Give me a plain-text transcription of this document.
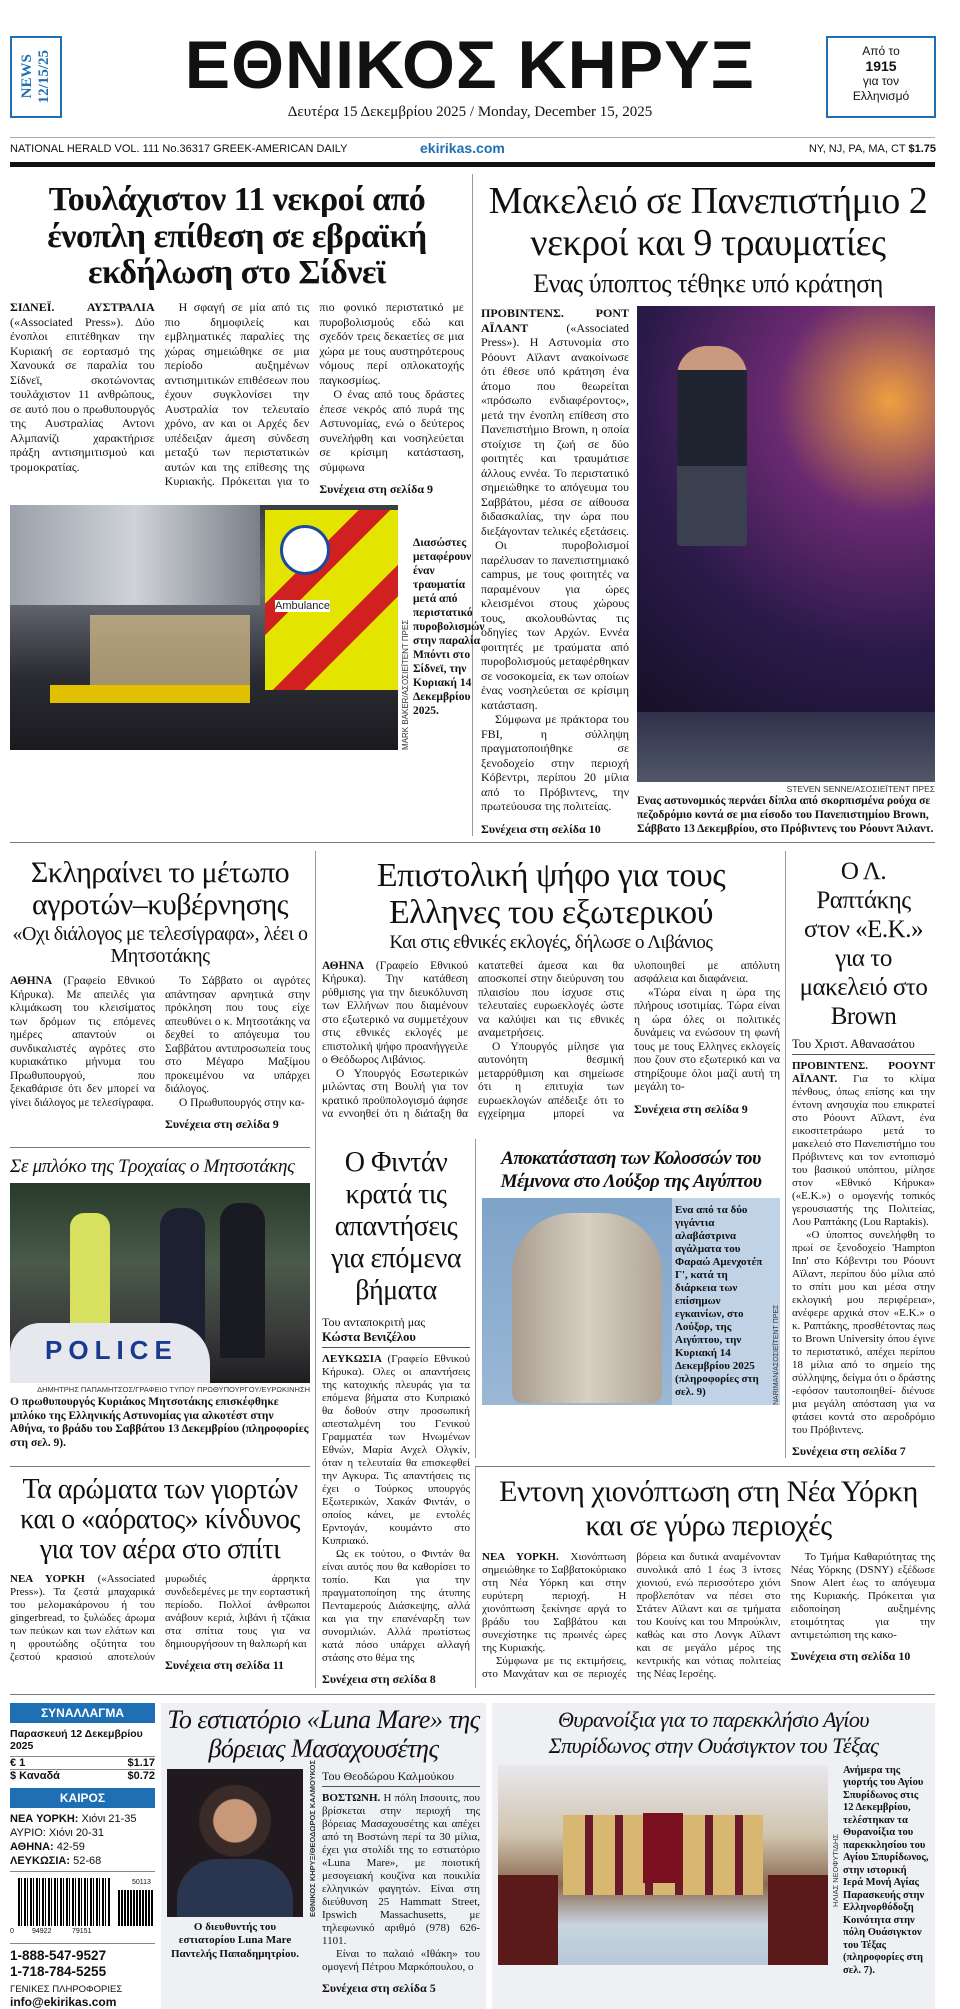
NEWS 12/15/25	ΕΘΝΙΚΟΣ ΚΗΡΥΞ
Δευτέρα 15 Δεκεμβρίου 2025 / Monday, December 15, 2025
Από το
1915
για τον
Ελληνισμό
NATIONAL HERALD VOL. 111 No.36317 GREEK-AMERICAN DAILY	ekirikas.com	NY, NJ, PA, MA, CT $1.75
Τουλάχιστον 11 νεκροί από ένοπλη επίθεση σε εβραϊκή εκδήλωση στο Σίδνεϊ

ΣΙΔΝΕΪ. ΑΥΣΤΡΑΛΙΑ («Associated Press»). Δύο ένοπλοι επιτέθηκαν την Κυριακή σε εορτασμό της Χανουκά σε παραλία του Σίδνεϊ, σκοτώνοντας τουλάχιστον 11 ανθρώπους, σε αυτό που ο πρωθυπουργός της Αυστραλίας Αντονι Αλμπανίζι χαρακτήρισε πράξη αντισημιτισμού και τρομοκρατίας.

Η σφαγή σε μία από τις πιο δημοφιλείς και εμβληματικές παραλίες της χώρας σημειώθηκε σε μια περίοδο αυξημένων αντισημιτικών επιθέσεων που έχουν συγκλονίσει την Αυστραλία τον τελευταίο χρόνο, αν και οι Αρχές δεν υπέδειξαν άμεση σύνδεση μεταξύ των περιστατικών αυτών και της επίθεσης της Κυριακής. Πρόκειται για το πιο φονικό περιστατικό με πυροβολισμούς εδώ και σχεδόν τρεις δεκαετίες σε μια χώρα με τους αυστηρότερους νόμους περί οπλοκατοχής παγκοσμίως.

Ο ένας από τους δράστες έπεσε νεκρός από πυρά της Αστυνομίας, ενώ ο δεύτερος συνελήφθη και νοσηλεύεται σε κρίσιμη κατάσταση, σύμφωνα

Συνέχεια στη σελίδα 9

Ambulance
MARK BAKER/ΑΣΟΣΙΕΪΤΕΝΤ ΠΡΕΣ
Διασώστες μεταφέρουν έναν τραυματία μετά από περιστατικό πυροβολισμών στην παραλία Μπόντι στο Σίδνεϊ, την Κυριακή 14 Δεκεμβρίου 2025.
Μακελειό σε Πανεπιστήμιο 2 νεκροί και 9 τραυματίες
Ενας ύποπτος τέθηκε υπό κράτηση

ΠΡΟΒΙΝΤΕΝΣ. ΡΟΝΤ ΑΪΛΑΝΤ («Associated Press»). Η Αστυνομία στο Ρόουντ Αϊλαντ ανακοίνωσε ότι έθεσε υπό κράτηση ένα άτομο που θεωρείται «πρόσωπο ενδιαφέροντος», μετά την ένοπλη επίθεση στο Πανεπιστήμιο Brown, η οποία στοίχισε τη ζωή σε δύο φοιτητές και τραυμάτισε άλλους εννέα. Το περιστατικό σημειώθηκε το απόγευμα του Σαββάτου, μέσα σε αίθουσα διδασκαλίας, την ώρα που διεξάγονταν τελικές εξετάσεις.

Οι πυροβολισμοί παρέλυσαν το πανεπιστημιακό campus, με τους φοιτητές να παραμένουν για ώρες κλεισμένοι στους χώρους τους, ακολουθώντας τις οδηγίες των Αρχών. Εννέα φοιτητές με τραύματα από πυροβολισμούς μεταφέρθηκαν σε νοσοκομεία, εκ των οποίων ένας νοσηλεύεται σε κρίσιμη κατάσταση.

Σύμφωνα με πράκτορα του FBI, η σύλληψη πραγματοποιήθηκε σε ξενοδοχείο στην περιοχή Κόβεντρι, περίπου 20 μίλια από το Πρόβιντενς, την πρωτεύουσα της πολιτείας.

Συνέχεια στη σελίδα 10

STEVEN SENNE/ΑΣΟΣΙΕΪΤΕΝΤ ΠΡΕΣ
Ενας αστυνομικός περνάει δίπλα από σκορπισμένα ρούχα σε πεζοδρόμιο κοντά σε μια είσοδο του Πανεπιστημίου Brown, Σάββατο 13 Δεκεμβρίου, στο Πρόβιντενς του Ρόουντ Άιλαντ.
Σκληραίνει το μέτωπο αγροτών–κυβέρνησης
«Οχι διάλογος με τελεσίγραφα», λέει ο Μητσοτάκης

ΑΘΗΝΑ (Γραφείο Εθνικού Κήρυκα). Με απειλές για κλιμάκωση του κλεισίματος των δρόμων τις επόμενες ημέρες απαντούν οι συνδικαλιστές αγρότες στο κυριακάτικο μήνυμα του Πρωθυπουργού, που ξεκαθάρισε ότι δεν μπορεί να γίνει διάλογος με τελεσίγραφα.

Το Σάββατο οι αγρότες απάντησαν αρνητικά στην πρόκληση που τους είχε απευθύνει ο κ. Μητσοτάκης να δεχθεί το απόγευμα του Σαββάτου αντιπροσωπεία τους στο Μέγαρο Μαξίμου προκειμένου να υπάρχει διάλογος.

Ο Πρωθυπουργός στην κα-

Συνέχεια στη σελίδα 9

Επιστολική ψήφο για τους Ελληνες του εξωτερικού
Και στις εθνικές εκλογές, δήλωσε ο Λιβάνιος

ΑΘΗΝΑ (Γραφείο Εθνικού Κήρυκα). Την κατάθεση ρύθμισης για την διευκόλυνση των Ελλήνων που διαμένουν στο εξωτερικό να συμμετέχουν στις εθνικές εκλογές με επιστολική ψήφο προανήγγειλε ο Θεόδωρος Λιβάνιος.

Ο Υπουργός Εσωτερικών μιλώντας στη Βουλή για τον κρατικό προϋπολογισμό άφησε να εννοηθεί ότι η διάταξη θα κατατεθεί άμεσα και θα αποσκοπεί στην διεύρυνση του πλαισίου που ίσχυσε στις τελευταίες ευρωεκλογές ώστε να καλύψει και τις εθνικές αναμετρήσεις.

Ο Υπουργός μίλησε για αυτονόητη θεσμική μεταρρύθμιση και σημείωσε ότι η επιτυχία των ευρωεκλογών απέδειξε ότι το εγχείρημα μπορεί να υλοποιηθεί με απόλυτη ασφάλεια και διαφάνεια.

«Τώρα είναι η ώρα της πλήρους ισοτιμίας. Τώρα είναι η ώρα όλες οι πολιτικές δυνάμεις να ενώσουν τη φωνή τους με τους Ελληνες εκλογείς που ζουν στο εξωτερικό και να στηρίξουμε όλοι μαζί αυτή τη μεγάλη το-

Συνέχεια στη σελίδα 9

Ο Λ. Ραπτάκης στον «Ε.Κ.» για το μακελειό στο Brown
Του Χριστ. Αθανασάτου

ΠΡΟΒΙΝΤΕΝΣ. ΡΟΟΥΝΤ ΑΪΛΑΝΤ. Για το κλίμα πένθους, όπως επίσης και την έντονη ανησυχία που επικρατεί στο Ρόουντ Αϊλαντ, ένα εικοσιτετράωρο μετά το μακελειό στο Πανεπιστήμιο του Πρόβιντενς και τον εντοπισμό του βασικού υπόπτου, μίλησε στον «Εθνικό Κήρυκα» («Ε.Κ.») ο ομογενής τοπικός γερουσιαστής της Πολιτείας, Λου Ραπτάκης (Lou Raptakis).

«Ο ύποπτος συνελήφθη το πρωί σε ξενοδοχείο 'Hampton Inn' στο Κόβεντρι του Ρόουντ Αϊλαντ, περίπου δύο μίλια από το σπίτι μου και μέσα στην εκλογική μου περιφέρεια», ανέφερε αρχικά στον «Ε.Κ.» ο κ. Ραπτάκης, προσθέτοντας πως το Brown University όπου έγινε το περιστατικό, απέχει περίπου 18 μίλια από το σημείο της σύλληψης, δείγμα ότι ο δράστης -εφόσον ταυτοποιηθεί- διένυσε μια μεγάλη απόσταση για να φτάσει κοντά στο αεροδρόμιο του Πρόβιντενς.

Συνέχεια στη σελίδα 7

Σε μπλόκο της Τροχαίας ο Μητσοτάκης
POLICE
ΔΗΜΗΤΡΗΣ ΠΑΠΑΜΗΤΣΟΣ/ΓΡΑΦΕΙΟ ΤΥΠΟΥ ΠΡΩΘΥΠΟΥΡΓΟΥ/ΕΥΡΩΚΙΝΗΣΗ
Ο πρωθυπουργός Κυριάκος Μητσοτάκης επισκέφθηκε μπλόκο της Ελληνικής Αστυνομίας για αλκοτέστ στην Αθήνα, το βράδυ του Σαββάτου 13 Δεκεμβρίου (πληροφορίες στη σελ. 9).
Ο Φιντάν κρατά τις απαντήσεις για επόμενα βήματα
Του ανταποκριτή μας
Κώστα Βενιζέλου

ΛΕΥΚΩΣΙΑ (Γραφείο Εθνικού Κήρυκα). Ολες οι απαντήσεις της κατοχικής πλευράς για τα επόμενα βήματα στο Κυπριακό θα δοθούν στην προσωπική απεσταλμένη του Γενικού Γραμματέα των Ηνωμένων Εθνών, Μαρία Ανχελ Ολγκίν, όταν η τελευταία θα επισκεφθεί την Αγκυρα. Τις απαντήσεις τις έχει ο Τούρκος υπουργός Εξωτερικών, Χακάν Φιντάν, ο οποίος κάνει, με εντολές Ερντογάν, κουμάντο στο Κυπριακό.

Ως εκ τούτου, ο Φιντάν θα είναι αυτός που θα καθορίσει το τοπίο. Και για την πραγματοποίηση της άτυπης Πενταμερούς Διάσκεψης, αλλά και για την επανέναρξη των συνομιλιών. Αλλά πρωτίστως κατά πόσο υπάρχει αλλαγή στάσης στο θέμα της

Συνέχεια στη σελίδα 8

Αποκατάσταση των Κολοσσών του Μέμνονα στο Λούξορ της Αιγύπτου
Ενα από τα δύο γιγάντια αλαβάστρινα αγάλματα του Φαραώ Αμενχοτέπ Γ', κατά τη διάρκεια των επίσημων εγκαινίων, στο Λούξορ, της Αιγύπτου, την Κυριακή 14 Δεκεμβρίου 2025 (πληροφορίες στη σελ. 9)	NARIMAN/ΑΣΟΣΙΕΪΤΕΝΤ ΠΡΕΣ
Τα αρώματα των γιορτών και ο «αόρατος» κίνδυνος για τον αέρα στο σπίτι

ΝΕΑ ΥΟΡΚΗ («Associated Press»). Τα ζεστά μπαχαρικά του μελομακάρονου ή του gingerbread, το ξυλώδες άρωμα των πεύκων και των ελάτων και η φρουτώδης οξύτητα του ζεστού κρασιού αποτελούν μυρωδιές άρρηκτα συνδεδεμένες με την εορταστική περίοδο. Πολλοί άνθρωποι ανάβουν κεριά, λιβάνι ή τζάκια στα σπίτια τους για να δημιουργήσουν τη θαλπωρή και

Συνέχεια στη σελίδα 11

Εντονη χιονόπτωση στη Νέα Υόρκη και σε γύρω περιοχές

ΝΕΑ ΥΟΡΚΗ. Χιονόπτωση σημειώθηκε το Σαββατοκύριακο στη Νέα Υόρκη και στην ευρύτερη περιοχή. Η χιονόπτωση ξεκίνησε αργά το βράδυ του Σαββάτου και συνεχίστηκε τις πρωινές ώρες της Κυριακής.

Σύμφωνα με τις εκτιμήσεις, στο Μανχάταν και σε περιοχές βόρεια και δυτικά αναμένονταν συνολικά από 1 έως 3 ίντσες χιονιού, ενώ περισσότερο χιόνι προβλεπόταν να πέσει στο Στάτεν Αϊλαντ και σε τμήματα του Κουίνς και του Μπρούκλιν, καθώς και στο Λονγκ Αϊλαντ και σε μεγάλο μέρος της κεντρικής και νότιας πολιτείας της Νέας Ιερσέης.

Το Τμήμα Καθαριότητας της Νέας Υόρκης (DSNY) εξέδωσε Snow Alert έως το απόγευμα της Κυριακής. Πρόκειται για ειδοποίηση αυξημένης ετοιμότητας για την αντιμετώπιση της κακο-

Συνέχεια στη σελίδα 10

ΣΥΝΑΛΛΑΓΜΑ
Παρασκευή 12 Δεκεμβρίου 2025
€ 1	$1.17
$ Καναδά	$0.72
ΚΑΙΡΟΣ
ΝΕΑ ΥΟΡΚΗ: Χιόνι 21-35
ΑΥΡΙΟ: Χιόνι 20-31
ΑΘΗΝΑ: 42-59
ΛΕΥΚΩΣΙΑ: 52-68
0	94922	79151
50113
1-888-547-9527
1-718-784-5255
ΓΕΝΙΚΕΣ ΠΛΗΡΟΦΟΡΙΕΣ
info@ekirikas.com
Το εστιατόριο «Luna Mare» της βόρειας Μασαχουσέτης
Ο διευθυντής του εστιατορίου Luna Mare Παντελής Παπαδημητρίου.
ΕΘΝΙΚΟΣ ΚΗΡΥΞ/ΘΕΟΔΩΡΟΣ ΚΑΛΜΟΥΚΟΣ Του Θεοδώρου Καλμούκου

ΒΟΣΤΩΝΗ. Η πόλη Ιπσουιτς, που βρίσκεται στην περιοχή της βόρειας Μασαχουσέτης και απέχει από τη Βοστώνη περί τα 30 μίλια, έχει για στολίδι της το εστιατόριο «Luna Mare», με ποιοτική μεσογειακή κουζίνα και ποικιλία ελληνικών φαγητών. Είναι στη διεύθυνση 25 Hammatt Street, Ipswich Massachusetts, με τηλεφωνικό αριθμό (978) 626-1101.

Είναι το παλαιό «Ιθάκη» του ομογενή Πέτρου Μαρκόπουλου, ο

Συνέχεια στη σελίδα 5

Θυρανοίξια για το παρεκκλήσιο Αγίου Σπυρίδωνος στην Ουάσιγκτον του Τέξας
ΗΛΙΑΣ ΝΕΟΦΥΤΙΔΗΣ
Ανήμερα της γιορτής του Αγίου Σπυρίδωνος στις 12 Δεκεμβρίου, τελέστηκαν τα Θυρανοίξια του παρεκκλησίου του Αγίου Σπυρίδωνος, στην ιστορική Ιερά Μονή Αγίας Παρασκευής στην Ελληνορθόδοξη Κοινότητα στην πόλη Ουάσιγκτον του Τέξας (πληροφορίες στη σελ. 7).
